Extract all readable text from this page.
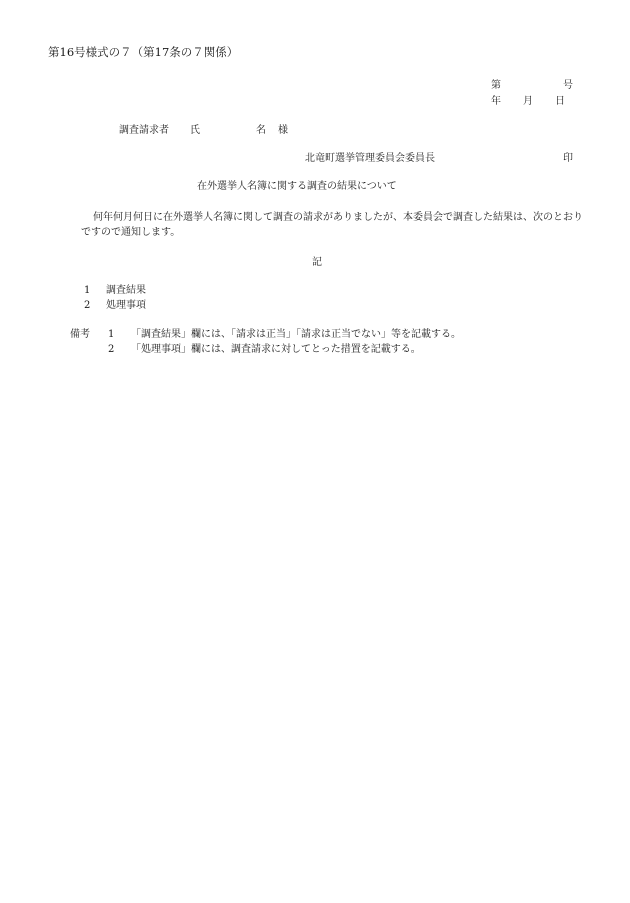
第16号様式の７（第17条の７関係）
第	号
年 月 日
調査請求者 氏	名 様
北竜町選挙管理委員会委員長	印
在外選挙人名簿に関する調査の結果について
何年何月何日に在外選挙人名簿に関して調査の請求がありましたが、本委員会で調査した結果は、次のとおりですので通知します。
記
1 調査結果
2 処理事項
備考 1 「調査結果」欄には、「請求は正当」「請求は正当でない」等を記載する。
2 「処理事項」欄には、調査請求に対してとった措置を記載する。
